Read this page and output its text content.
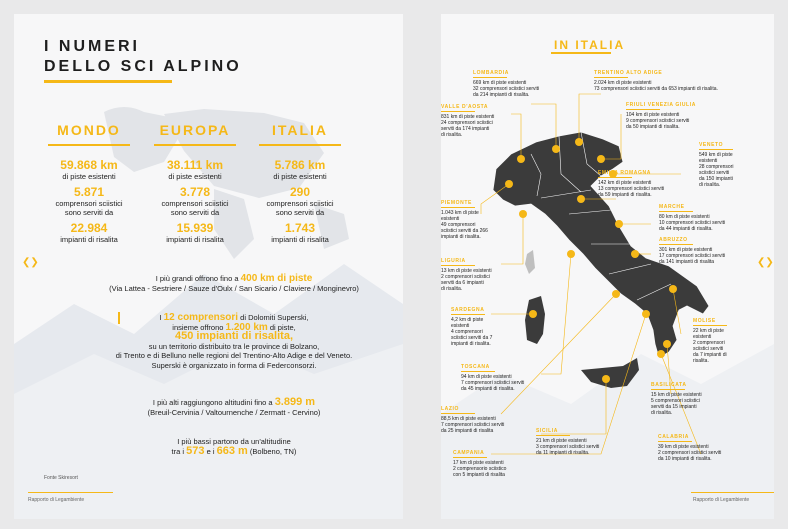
I NUMERI
DELLO SCI ALPINO
MONDO
59.868 km
di piste esistenti
5.871
comprensori sciistici
sono serviti da
22.984
impianti di risalita
EUROPA
38.111 km
di piste esistenti
3.778
comprensori sciistici
sono serviti da
15.939
impianti di risalita
ITALIA
5.786 km
di piste esistenti
290
comprensori sciistici
sono serviti da
1.743
impianti di risalita
I più grandi offrono fino a 400 km di piste
(Via Lattea - Sestriere / Sauze d'Oulx / San Sicario / Claviere / Monginevro)
I 12 comprensori di Dolomiti Superski,
insieme offrono 1.200 km di piste,
450 impianti di risalita,
su un territorio distribuito tra le province di Bolzano,
di Trento e di Belluno nelle regioni del Trentino-Alto Adige e del Veneto.
Superski è organizzato in forma di Federconsorzi.
I più alti raggiungono altitudini fino a 3.899 m
(Breuil-Cervinia / Valtournenche / Zermatt - Cervino)
I più bassi partono da un'altitudine
tra i 573 e i 663 m (Bolbeno, TN)
Fonte Skiresort
Rapporto di Legambiente
❮❯
IN ITALIA
LOMBARDIA
669 km di piste esistenti
32 comprensori sciistici serviti
da 214 impianti di risalita.
TRENTINO ALTO ADIGE
2.024 km di piste esistenti
73 comprensori sciistici serviti da 653 impianti di risalita.
VALLE D'AOSTA
831 km di piste esistenti
24 comprensori sciistici
serviti da 174 impianti
di risalita.
FRIULI VENEZIA GIULIA
104 km di piste esistenti
9 comprensori sciistici serviti
da 50 impianti di risalita.
VENETO
549 km di piste
esistenti
28 comprensori
sciistici serviti
da 150 impianti
di risalita.
EMILIA ROMAGNA
142 km di piste esistenti
13 comprensori sciistici serviti
da 59 impianti di risalita.
PIEMONTE
1.043 km di piste
esistenti
49 comprensori
sciistici serviti da 266
impianti di risalita.
MARCHE
80 km di piste esistenti
10 comprensori sciistici serviti
da 44 impianti di risalita.
ABRUZZO
301 km di piste esistenti
17 comprensori sciistici serviti
da 141 impianti di risalita
LIGURIA
13 km di piste esistenti
2 comprensori sciistici
serviti da 6 impianti
di risalita.
SARDEGNA
4,2 km di piste
esistenti
4 comprensori
sciistici serviti da 7
impianti di risalita.
MOLISE
22 km di piste
esistenti
2 comprensori
sciistici serviti
da 7 impianti di
risalita.
TOSCANA
94 km di piste esistenti
7 comprensori sciistici serviti
da 45 impianti di risalita.
BASILICATA
15 km di piste esistenti
5 comprensori sciistici
serviti da 15 impianti
di risalita.
LAZIO
88,5 km di piste esistenti
7 comprensori sciistici serviti
da 25 impianti di risalita	SICILIA
21 km di piste esistenti
3 comprensori sciistici serviti
da 11 impianti di risalita.
CALABRIA
39 km di piste esistenti
2 comprensori sciistici serviti
da 10 impianti di risalita.
CAMPANIA
17 km di piste esistenti
2 comprensorio sciistico
con 5 impianti di risalita
Rapporto di Legambiente
❮❯
